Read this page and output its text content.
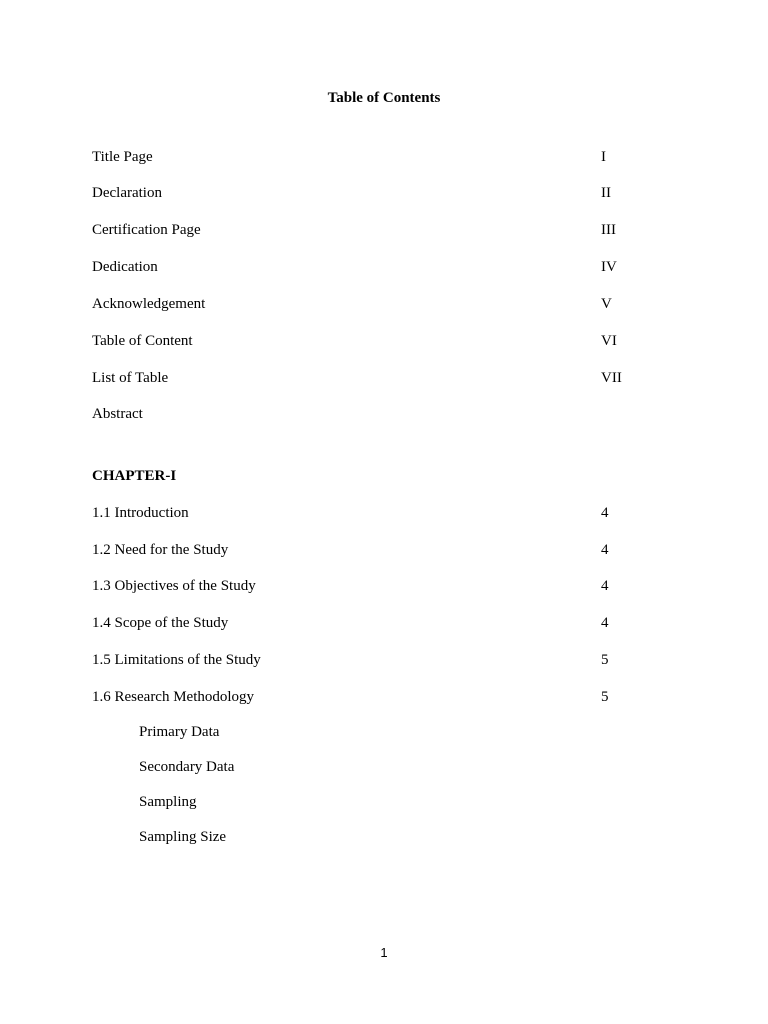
Table of Contents
Title Page	I
Declaration	II
Certification Page	III
Dedication	IV
Acknowledgement	V
Table of Content	VI
List of Table	VII
Abstract
CHAPTER-I
1.1 Introduction	4
1.2 Need for the Study	4
1.3 Objectives of the Study	4
1.4 Scope of the Study	4
1.5 Limitations of the Study	5
1.6 Research Methodology	5
Primary Data
Secondary Data
Sampling
Sampling Size
1
